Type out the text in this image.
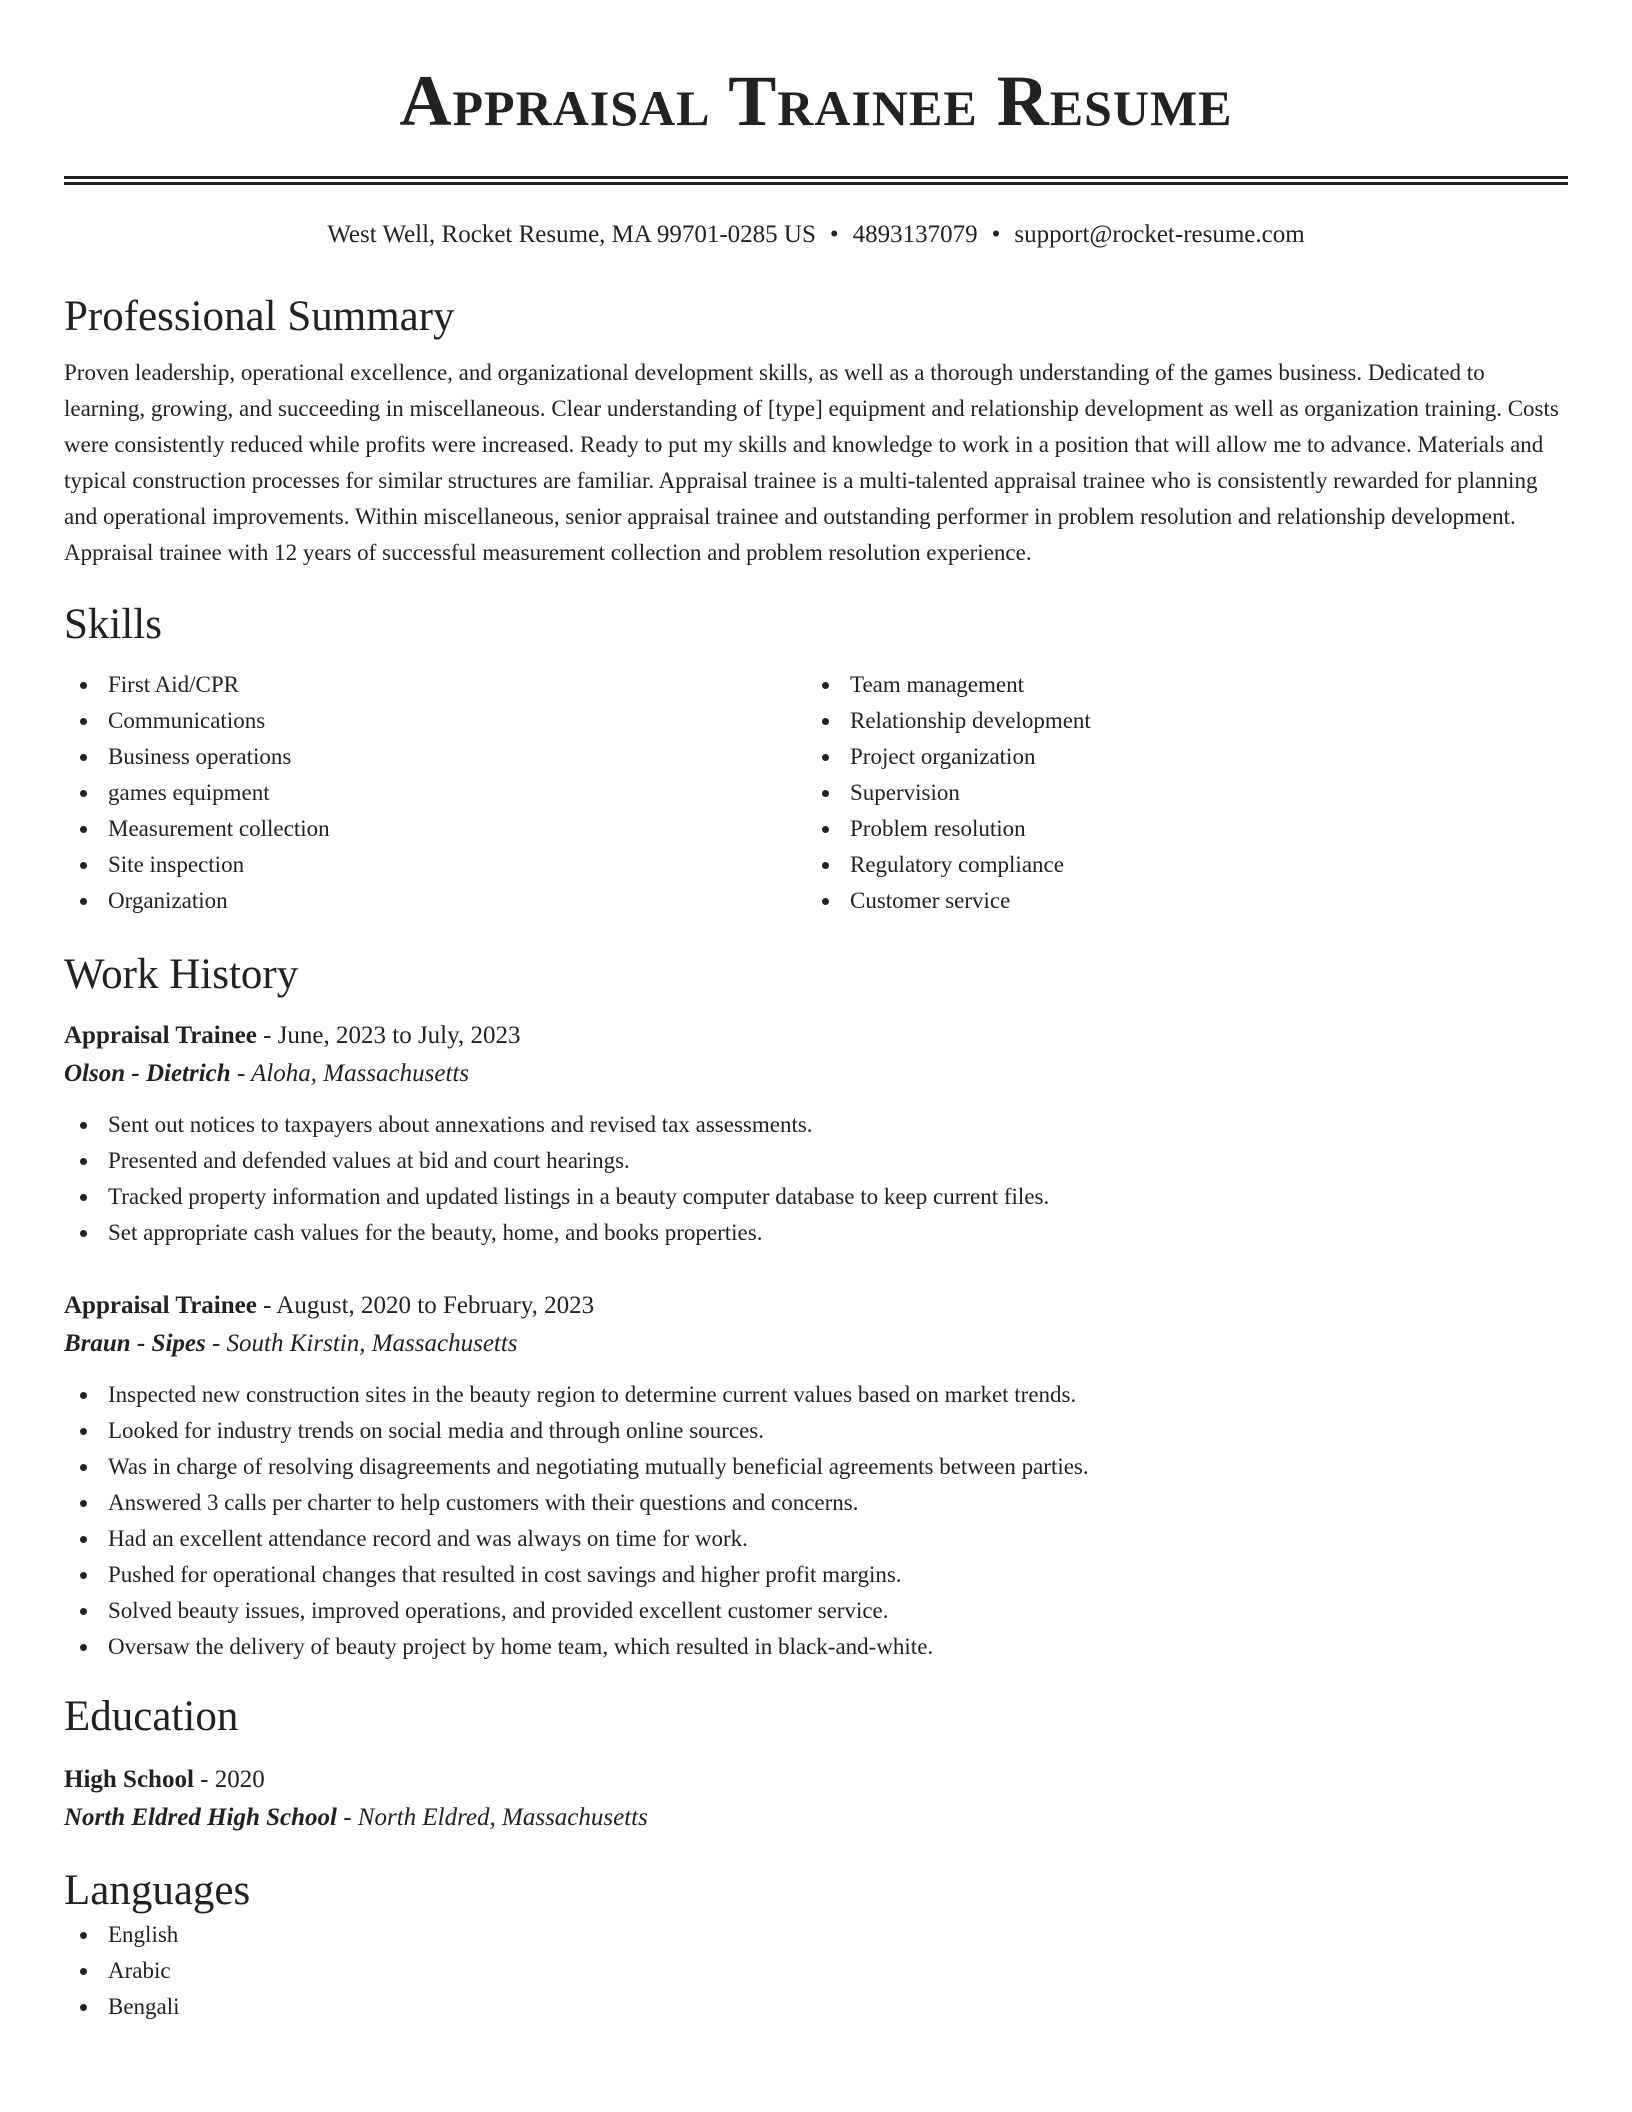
Appraisal Trainee Resume
West Well, Rocket Resume, MA 99701-0285 US • 4893137079 • support@rocket-resume.com
Professional Summary

Proven leadership, operational excellence, and organizational development skills, as well as a thorough understanding of the games business. Dedicated to learning, growing, and succeeding in miscellaneous. Clear understanding of [type] equipment and relationship development as well as organization training. Costs were consistently reduced while profits were increased. Ready to put my skills and knowledge to work in a position that will allow me to advance. Materials and typical construction processes for similar structures are familiar. Appraisal trainee is a multi-talented appraisal trainee who is consistently rewarded for planning and operational improvements. Within miscellaneous, senior appraisal trainee and outstanding performer in problem resolution and relationship development. Appraisal trainee with 12 years of successful measurement collection and problem resolution experience.

Skills
First Aid/CPR
Communications
Business operations
games equipment
Measurement collection
Site inspection
Organization
Team management
Relationship development
Project organization
Supervision
Problem resolution
Regulatory compliance
Customer service
Work History
Appraisal Trainee - June, 2023 to July, 2023
Olson - Dietrich - Aloha, Massachusetts
Sent out notices to taxpayers about annexations and revised tax assessments.
Presented and defended values at bid and court hearings.
Tracked property information and updated listings in a beauty computer database to keep current files.
Set appropriate cash values for the beauty, home, and books properties.
Appraisal Trainee - August, 2020 to February, 2023
Braun - Sipes - South Kirstin, Massachusetts
Inspected new construction sites in the beauty region to determine current values based on market trends.
Looked for industry trends on social media and through online sources.
Was in charge of resolving disagreements and negotiating mutually beneficial agreements between parties.
Answered 3 calls per charter to help customers with their questions and concerns.
Had an excellent attendance record and was always on time for work.
Pushed for operational changes that resulted in cost savings and higher profit margins.
Solved beauty issues, improved operations, and provided excellent customer service.
Oversaw the delivery of beauty project by home team, which resulted in black-and-white.
Education
High School - 2020
North Eldred High School - North Eldred, Massachusetts
Languages
English
Arabic
Bengali
